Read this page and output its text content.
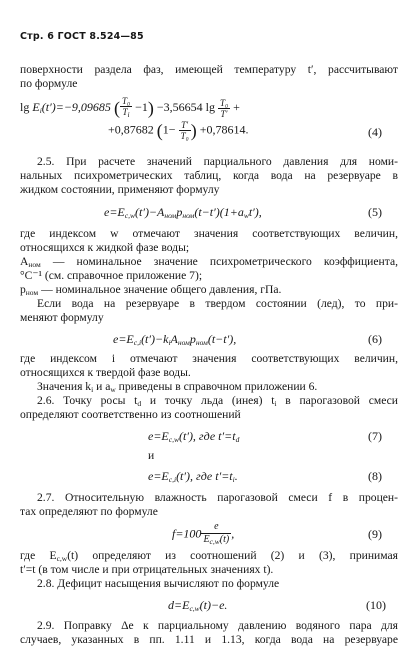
Стр. 6 ГОСТ 8.524—85
поверхности раздела фаз, имеющей температуру t′, рассчитывают
по формуле
$\lg E_i(t')=-9,09685$ ( $\frac{\text{T₀}}{T_i} -1) -3,56654$ $\lg \frac{\text{T₀}}{T'}$ +
+0,87682 ($1- \frac{T'}{\text{T₀}}$ ) +0,78614.	(4)
2.5. При расчете значений парциального давления для номи-
нальных психрометрических таблиц, когда вода на резервуаре в
жидком состоянии, применяют формулу
$e=E_{c,w}(t')-A_{ном}p_{ном}(t-t')(1+a_wt')$,	(5)
где индексом w отмечают значения соответствующих величин,
относящихся к жидкой фазе воды;
$A_{ном}$ — номинальное значение психрометрического коэффициента,
°С⁻¹ (см. справочное приложение 7);
$p_{ном}$ — номинальное значение общего давления, гПа.
Если вода на резервуаре в твердом состоянии (лед), то при-
меняют формулу
$e=E_{c,i}(t')-k_iA_{ном}p_{ном}(t-t')$,	(6)
где индексом i отмечают значения соответствующих величин,
относящихся к твердой фазе воды.
Значения $k_i$ и $a_w$ приведены в справочном приложении 6.
2.6. Точку росы $t_d$ и точку льда (инея) $t_i$ в парогазовой смеси
определяют соответственно из соотношений
$e=E_{c,w}(t')$, где $t'=t_d$	(7)
и
$e=E_{c,i}(t')$, где $t'=t_i$.	(8)
2.7. Относительную влажность парогазовой смеси f в процен-
тах определяют по формуле
$f=100 \frac{e}{E_{c,w}(t)}$ ,	(9)
где $E_{c,w}(t)$ определяют из соотношений (2) и (3), принимая
t′=t (в том числе и при отрицательных значениях t).
2.8. Дефицит насыщения вычисляют по формуле
$d=E_{c,w}(t)-e$.	(10)
2.9. Поправку Δe к парциальному давлению водяного пара для
случаев, указанных в пп. 1.11 и 1.13, когда вода на резервуаре
